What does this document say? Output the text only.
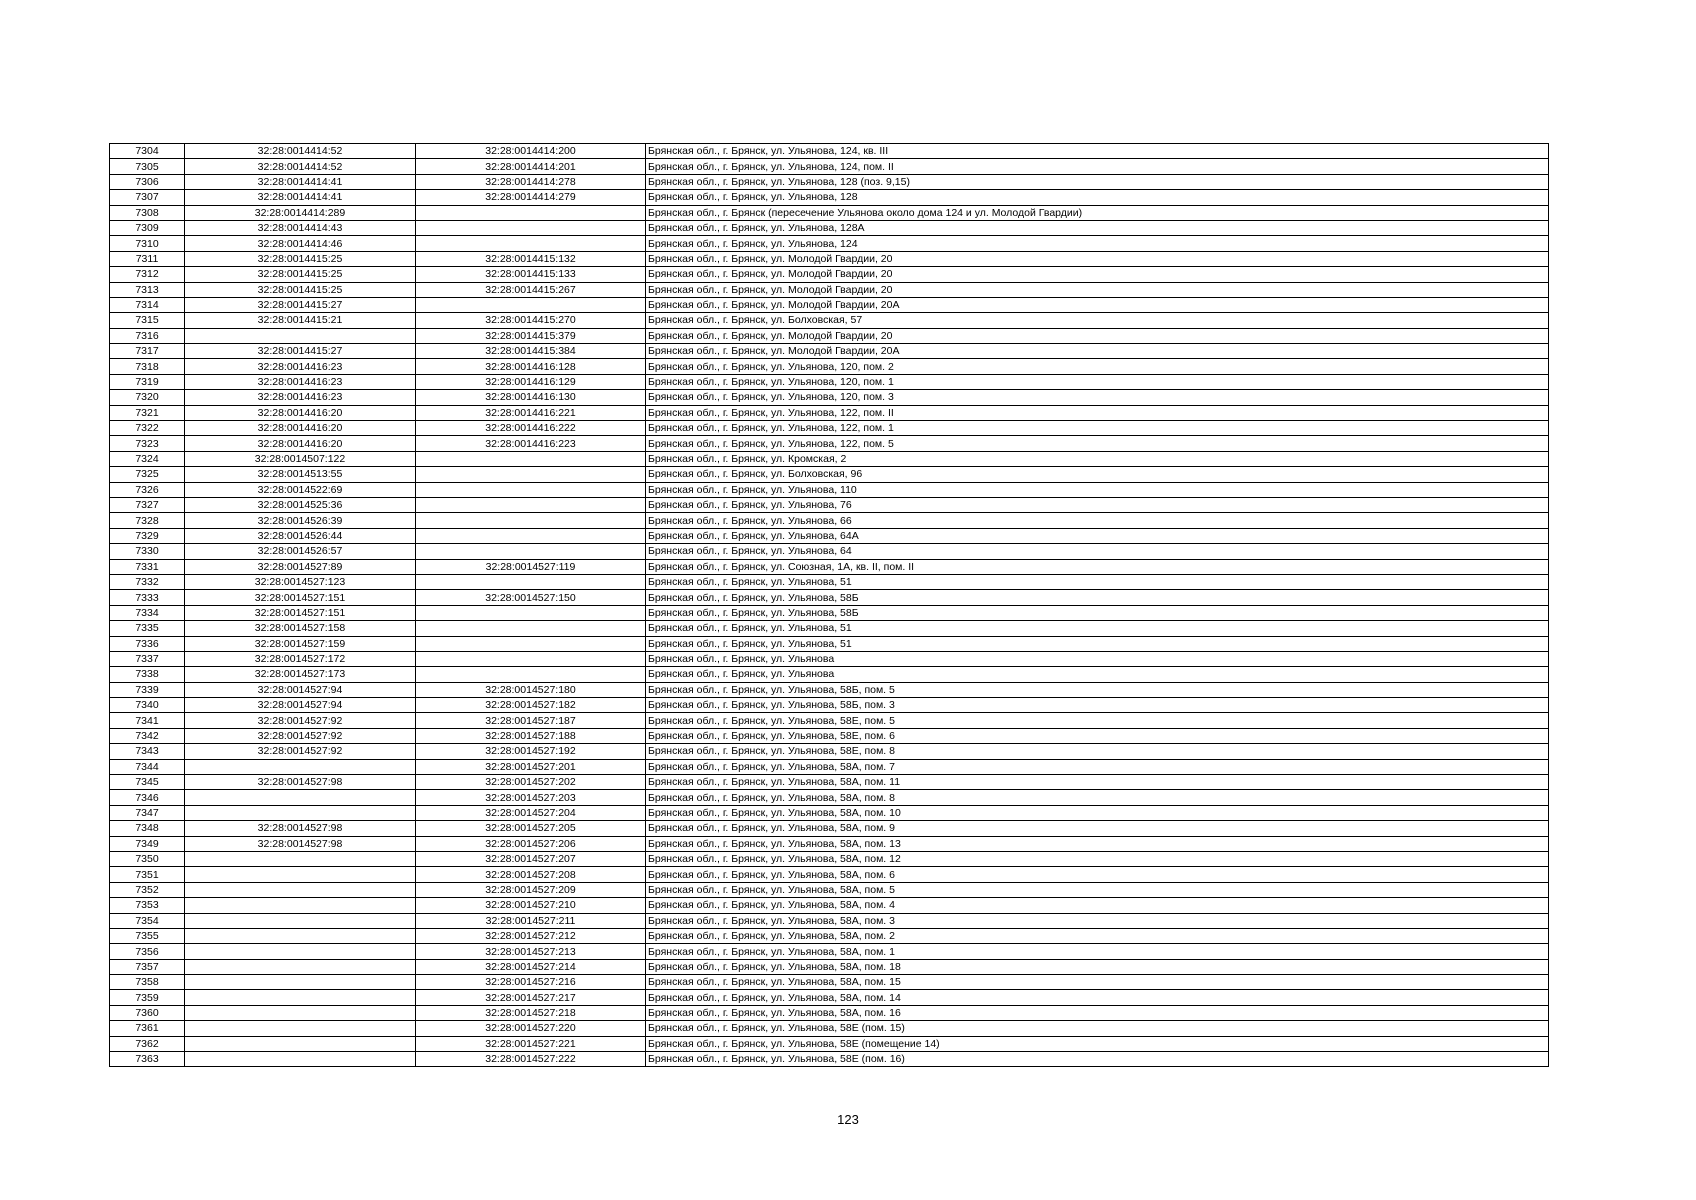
7304	32:28:0014414:52	32:28:0014414:200	Брянская обл., г. Брянск, ул. Ульянова, 124, кв. III
7305	32:28:0014414:52	32:28:0014414:201	Брянская обл., г. Брянск, ул. Ульянова, 124, пом. II
7306	32:28:0014414:41	32:28:0014414:278	Брянская обл., г. Брянск, ул. Ульянова, 128 (поз. 9,15)
7307	32:28:0014414:41	32:28:0014414:279	Брянская обл., г. Брянск, ул. Ульянова, 128
7308	32:28:0014414:289		Брянская обл., г. Брянск (пересечение Ульянова около дома 124 и ул. Молодой Гвардии)
7309	32:28:0014414:43		Брянская обл., г. Брянск, ул. Ульянова, 128А
7310	32:28:0014414:46		Брянская обл., г. Брянск, ул. Ульянова, 124
7311	32:28:0014415:25	32:28:0014415:132	Брянская обл., г. Брянск, ул. Молодой Гвардии, 20
7312	32:28:0014415:25	32:28:0014415:133	Брянская обл., г. Брянск, ул. Молодой Гвардии, 20
7313	32:28:0014415:25	32:28:0014415:267	Брянская обл., г. Брянск, ул. Молодой Гвардии, 20
7314	32:28:0014415:27		Брянская обл., г. Брянск, ул. Молодой Гвардии, 20А
7315	32:28:0014415:21	32:28:0014415:270	Брянская обл., г. Брянск, ул. Болховская, 57
7316		32:28:0014415:379	Брянская обл., г. Брянск, ул. Молодой Гвардии, 20
7317	32:28:0014415:27	32:28:0014415:384	Брянская обл., г. Брянск, ул. Молодой Гвардии, 20А
7318	32:28:0014416:23	32:28:0014416:128	Брянская обл., г. Брянск, ул. Ульянова, 120, пом. 2
7319	32:28:0014416:23	32:28:0014416:129	Брянская обл., г. Брянск, ул. Ульянова, 120, пом. 1
7320	32:28:0014416:23	32:28:0014416:130	Брянская обл., г. Брянск, ул. Ульянова, 120, пом. 3
7321	32:28:0014416:20	32:28:0014416:221	Брянская обл., г. Брянск, ул. Ульянова, 122, пом. II
7322	32:28:0014416:20	32:28:0014416:222	Брянская обл., г. Брянск, ул. Ульянова, 122, пом. 1
7323	32:28:0014416:20	32:28:0014416:223	Брянская обл., г. Брянск, ул. Ульянова, 122, пом. 5
7324	32:28:0014507:122		Брянская обл., г. Брянск, ул. Кромская, 2
7325	32:28:0014513:55		Брянская обл., г. Брянск, ул. Болховская, 96
7326	32:28:0014522:69		Брянская обл., г. Брянск, ул. Ульянова, 110
7327	32:28:0014525:36		Брянская обл., г. Брянск, ул. Ульянова, 76
7328	32:28:0014526:39		Брянская обл., г. Брянск, ул. Ульянова, 66
7329	32:28:0014526:44		Брянская обл., г. Брянск, ул. Ульянова, 64А
7330	32:28:0014526:57		Брянская обл., г. Брянск, ул. Ульянова, 64
7331	32:28:0014527:89	32:28:0014527:119	Брянская обл., г. Брянск, ул. Союзная, 1А, кв. II, пом. II
7332	32:28:0014527:123		Брянская обл., г. Брянск, ул. Ульянова, 51
7333	32:28:0014527:151	32:28:0014527:150	Брянская обл., г. Брянск, ул. Ульянова, 58Б
7334	32:28:0014527:151		Брянская обл., г. Брянск, ул. Ульянова, 58Б
7335	32:28:0014527:158		Брянская обл., г. Брянск, ул. Ульянова, 51
7336	32:28:0014527:159		Брянская обл., г. Брянск, ул. Ульянова, 51
7337	32:28:0014527:172		Брянская обл., г. Брянск, ул. Ульянова
7338	32:28:0014527:173		Брянская обл., г. Брянск, ул. Ульянова
7339	32:28:0014527:94	32:28:0014527:180	Брянская обл., г. Брянск, ул. Ульянова, 58Б, пом. 5
7340	32:28:0014527:94	32:28:0014527:182	Брянская обл., г. Брянск, ул. Ульянова, 58Б, пом. 3
7341	32:28:0014527:92	32:28:0014527:187	Брянская обл., г. Брянск, ул. Ульянова, 58Е, пом. 5
7342	32:28:0014527:92	32:28:0014527:188	Брянская обл., г. Брянск, ул. Ульянова, 58Е, пом. 6
7343	32:28:0014527:92	32:28:0014527:192	Брянская обл., г. Брянск, ул. Ульянова, 58Е, пом. 8
7344		32:28:0014527:201	Брянская обл., г. Брянск, ул. Ульянова, 58А, пом. 7
7345	32:28:0014527:98	32:28:0014527:202	Брянская обл., г. Брянск, ул. Ульянова, 58А, пом. 11
7346		32:28:0014527:203	Брянская обл., г. Брянск, ул. Ульянова, 58А, пом. 8
7347		32:28:0014527:204	Брянская обл., г. Брянск, ул. Ульянова, 58А, пом. 10
7348	32:28:0014527:98	32:28:0014527:205	Брянская обл., г. Брянск, ул. Ульянова, 58А, пом. 9
7349	32:28:0014527:98	32:28:0014527:206	Брянская обл., г. Брянск, ул. Ульянова, 58А, пом. 13
7350		32:28:0014527:207	Брянская обл., г. Брянск, ул. Ульянова, 58А, пом. 12
7351		32:28:0014527:208	Брянская обл., г. Брянск, ул. Ульянова, 58А, пом. 6
7352		32:28:0014527:209	Брянская обл., г. Брянск, ул. Ульянова, 58А, пом. 5
7353		32:28:0014527:210	Брянская обл., г. Брянск, ул. Ульянова, 58А, пом. 4
7354		32:28:0014527:211	Брянская обл., г. Брянск, ул. Ульянова, 58А, пом. 3
7355		32:28:0014527:212	Брянская обл., г. Брянск, ул. Ульянова, 58А, пом. 2
7356		32:28:0014527:213	Брянская обл., г. Брянск, ул. Ульянова, 58А, пом. 1
7357		32:28:0014527:214	Брянская обл., г. Брянск, ул. Ульянова, 58А, пом. 18
7358		32:28:0014527:216	Брянская обл., г. Брянск, ул. Ульянова, 58А, пом. 15
7359		32:28:0014527:217	Брянская обл., г. Брянск, ул. Ульянова, 58А, пом. 14
7360		32:28:0014527:218	Брянская обл., г. Брянск, ул. Ульянова, 58А, пом. 16
7361		32:28:0014527:220	Брянская обл., г. Брянск, ул. Ульянова, 58Е (пом. 15)
7362		32:28:0014527:221	Брянская обл., г. Брянск, ул. Ульянова, 58Е (помещение 14)
7363		32:28:0014527:222	Брянская обл., г. Брянск, ул. Ульянова, 58Е (пом. 16)
123
